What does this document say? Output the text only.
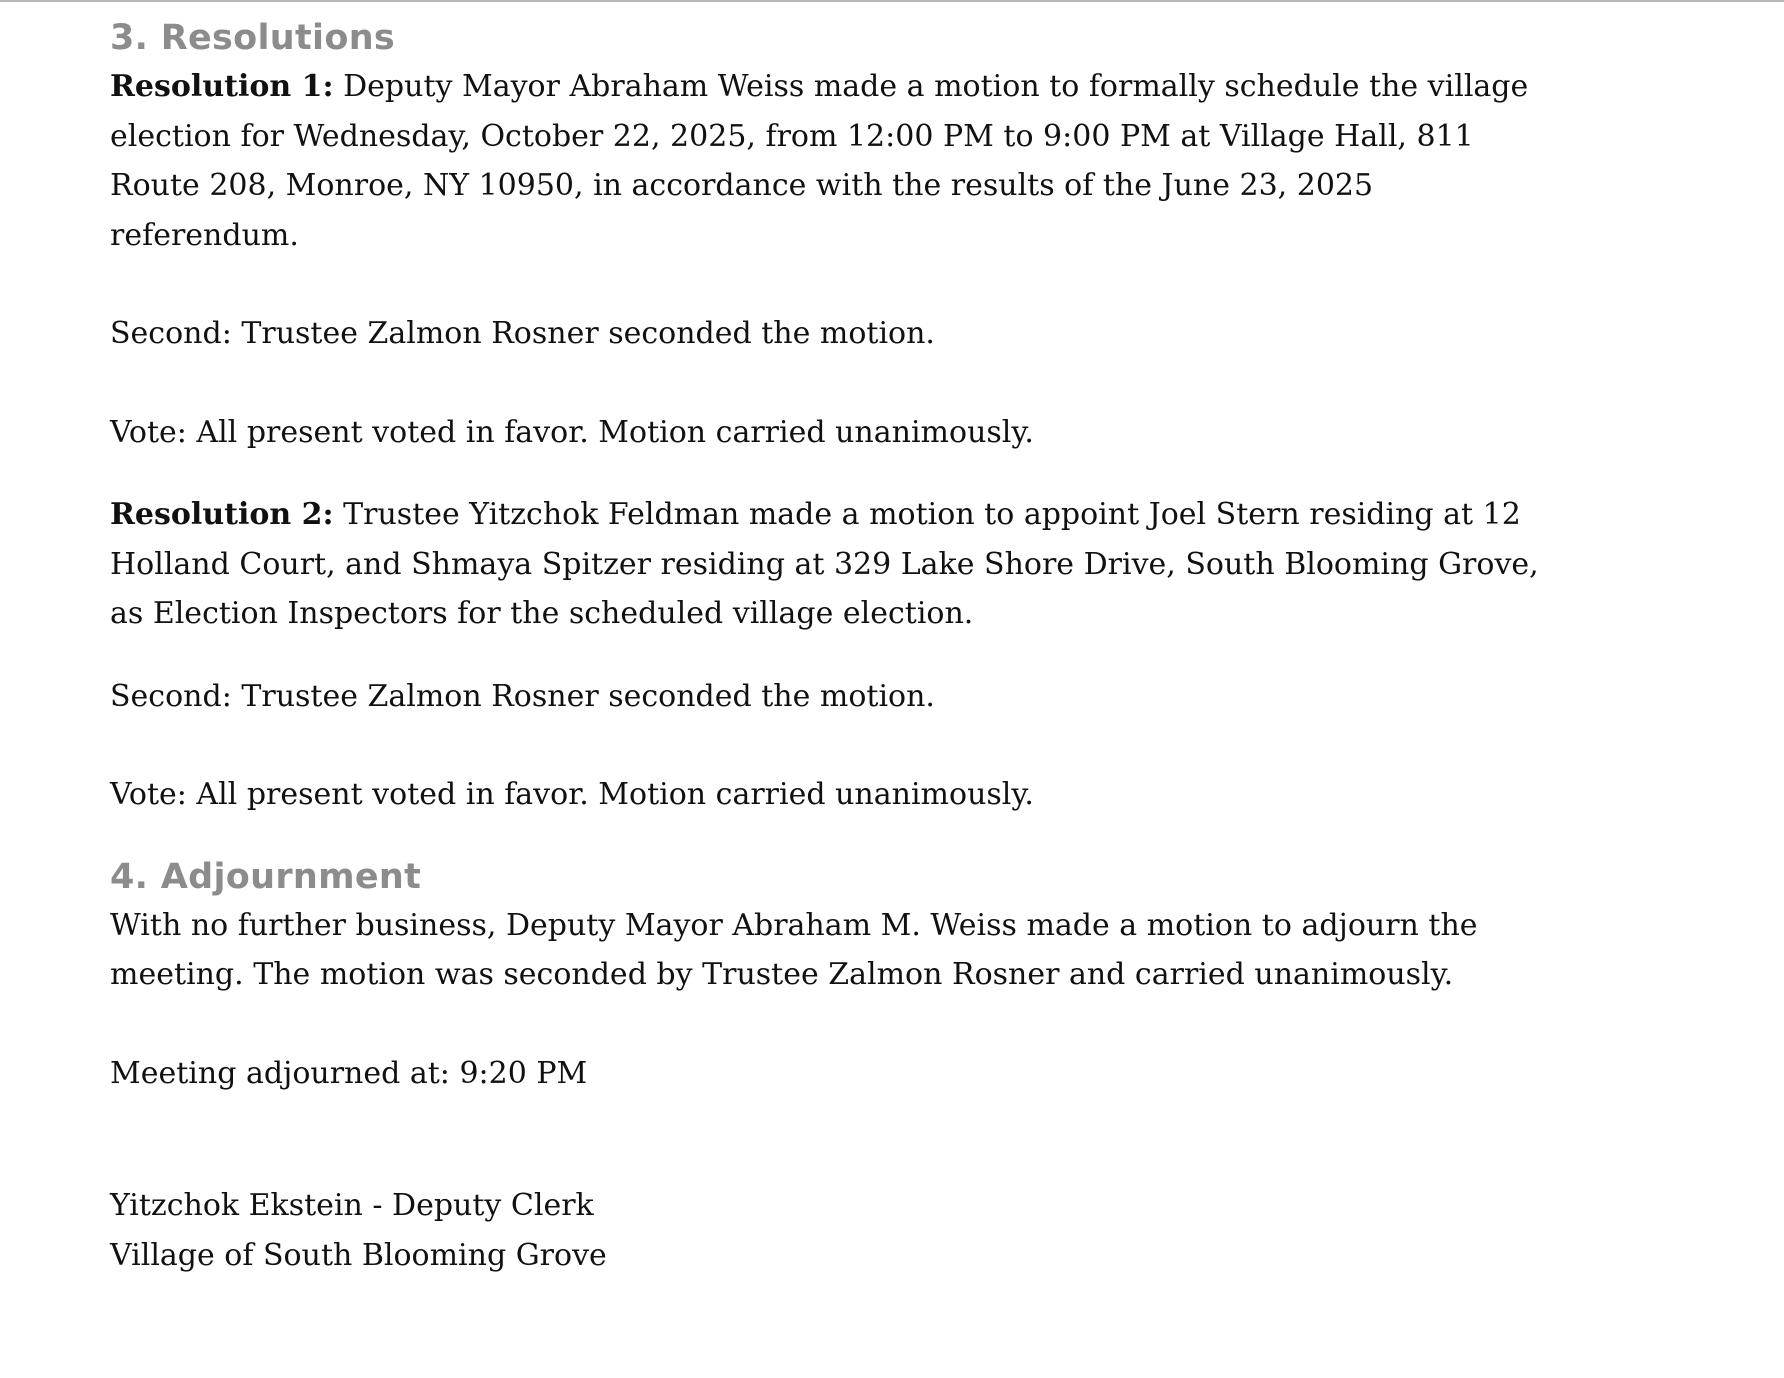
3. Resolutions

Resolution 1: Deputy Mayor Abraham Weiss made a motion to formally schedule the village election for Wednesday, October 22, 2025, from 12:00 PM to 9:00 PM at Village Hall, 811 Route 208, Monroe, NY 10950, in accordance with the results of the June 23, 2025 referendum.

Second: Trustee Zalmon Rosner seconded the motion.

Vote: All present voted in favor. Motion carried unanimously.

Resolution 2: Trustee Yitzchok Feldman made a motion to appoint Joel Stern residing at 12 Holland Court, and Shmaya Spitzer residing at 329 Lake Shore Drive, South Blooming Grove, as Election Inspectors for the scheduled village election.

Second: Trustee Zalmon Rosner seconded the motion.

Vote: All present voted in favor. Motion carried unanimously.

4. Adjournment

With no further business, Deputy Mayor Abraham M. Weiss made a motion to adjourn the meeting. The motion was seconded by Trustee Zalmon Rosner and carried unanimously.

Meeting adjourned at: 9:20 PM

Yitzchok Ekstein - Deputy Clerk

Village of South Blooming Grove
